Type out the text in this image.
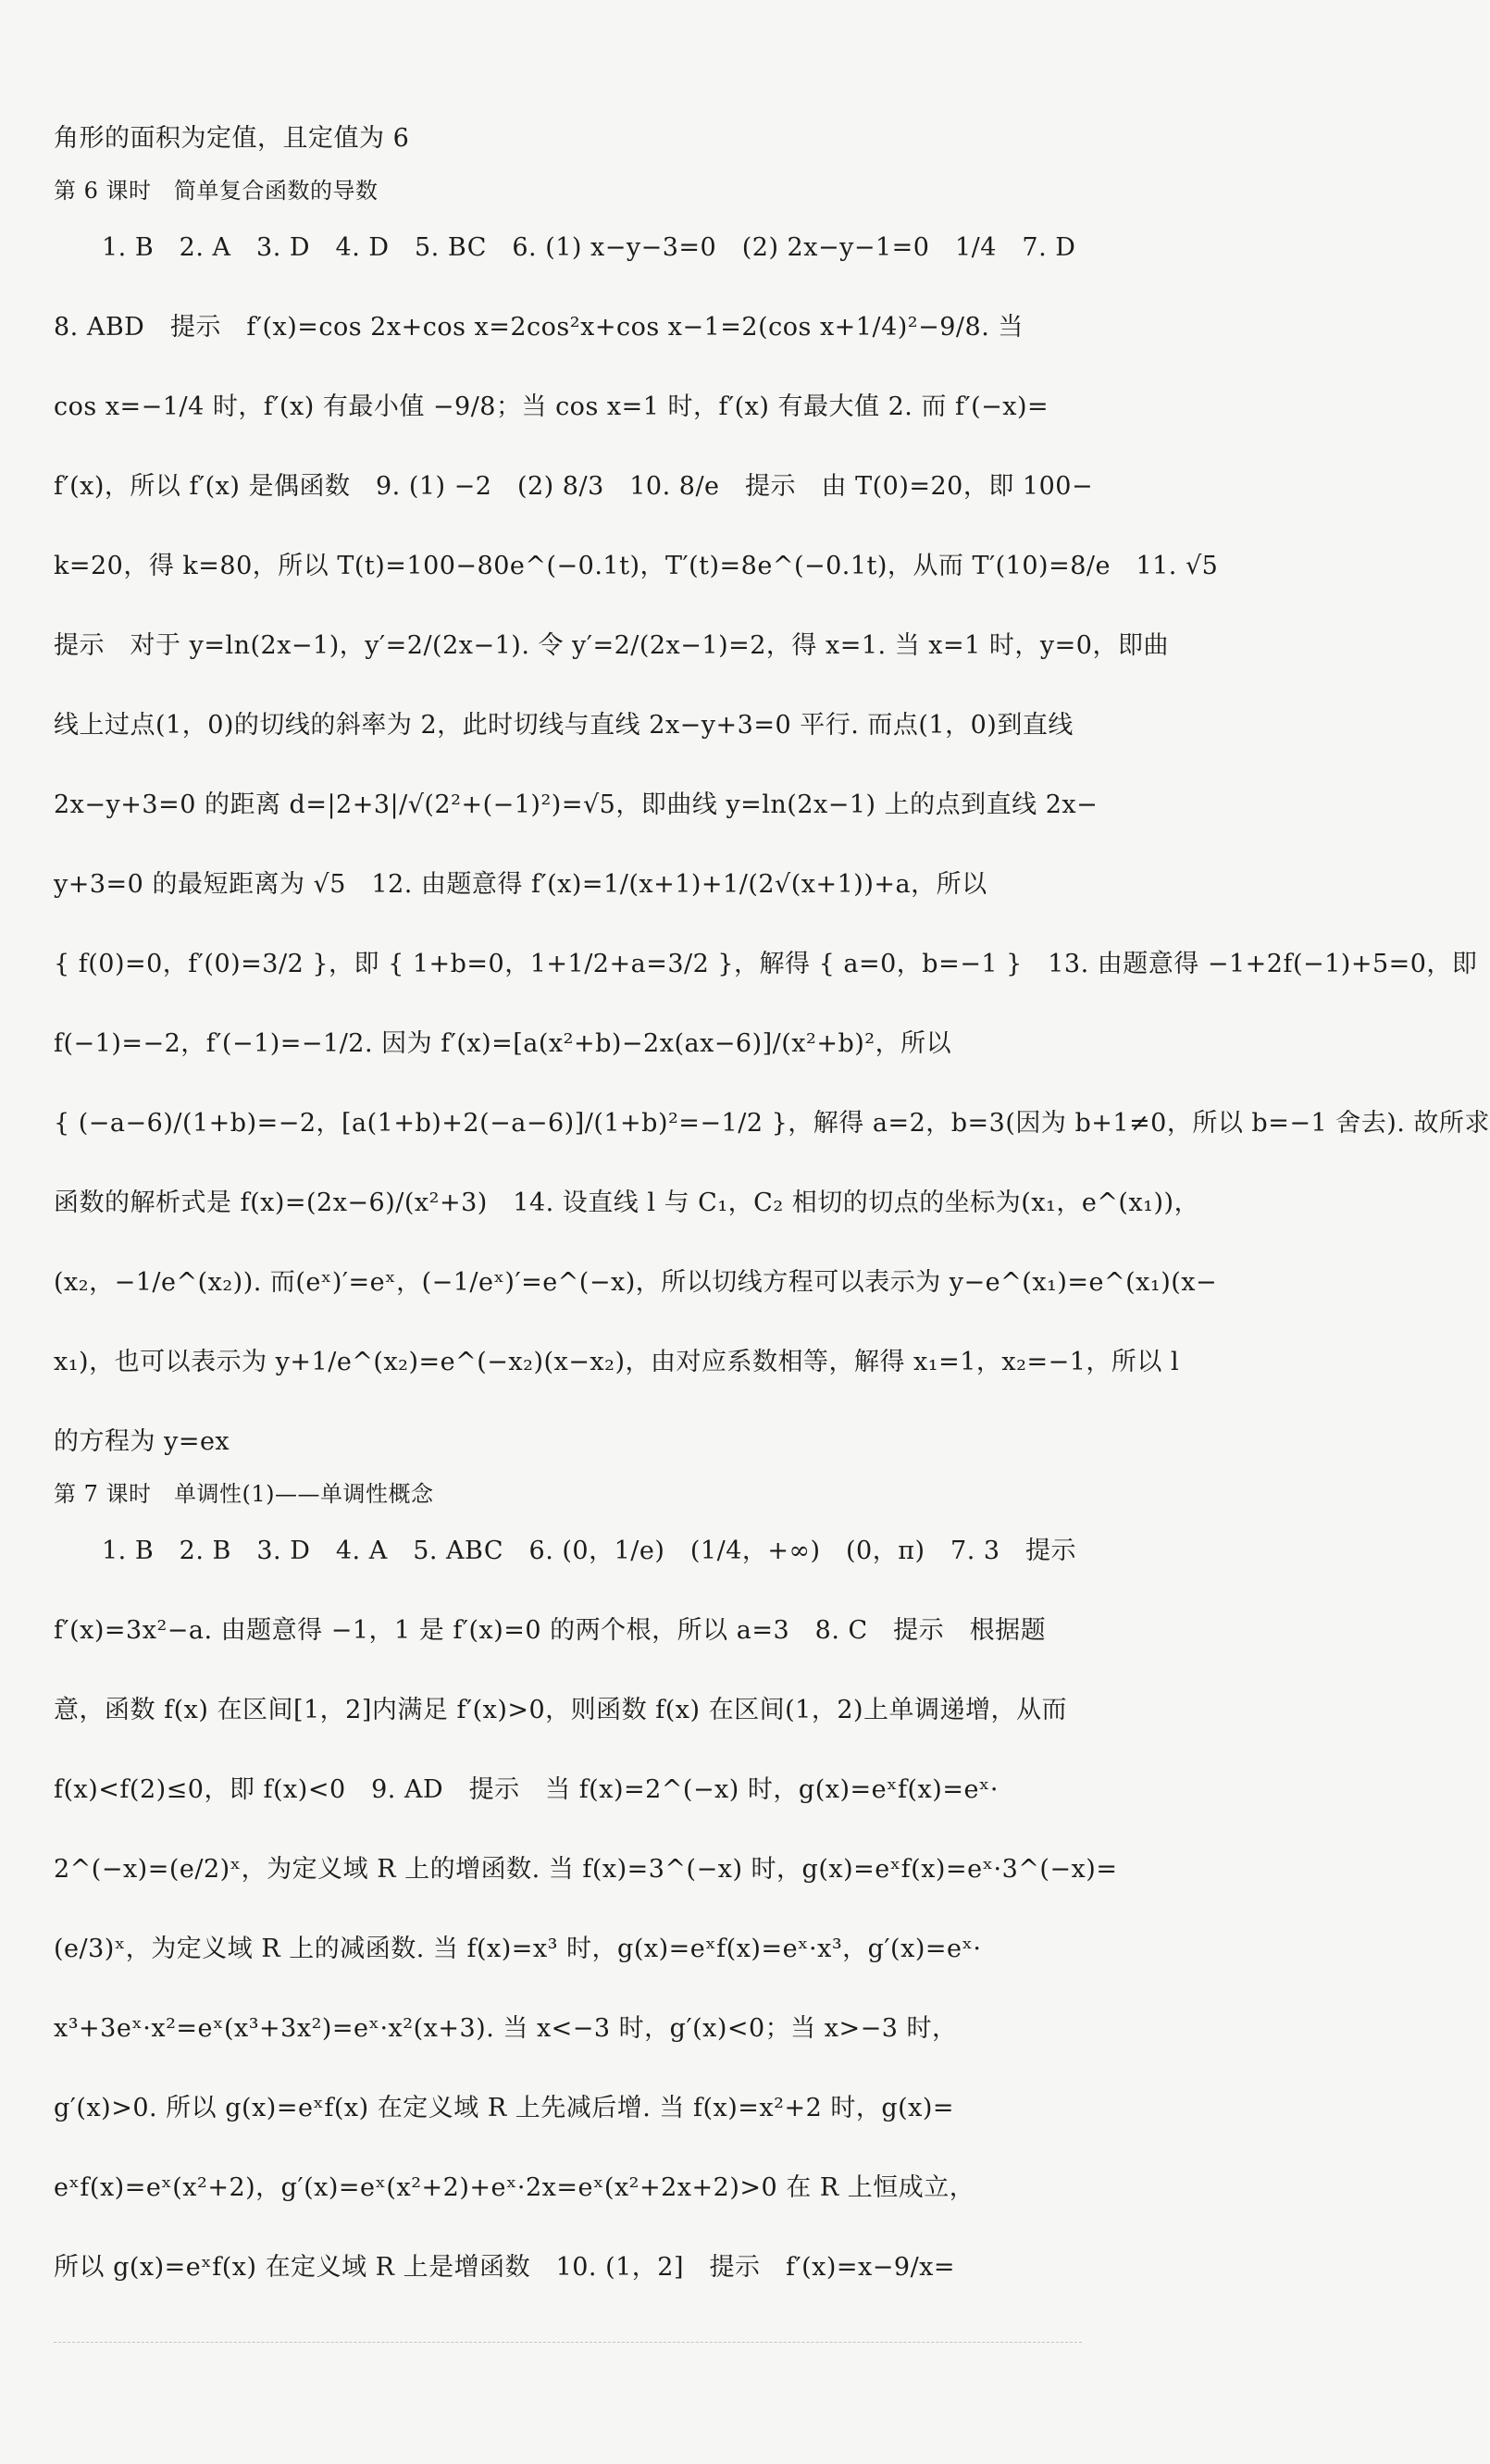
角形的面积为定值，且定值为 6
第 6 课时　简单复合函数的导数
1. B　2. A　3. D　4. D　5. BC　6. (1) x−y−3=0　(2) 2x−y−1=0　1/4　7. D
8. ABD　提示　f′(x)=cos 2x+cos x=2cos²x+cos x−1=2(cos x+1/4)²−9/8. 当
cos x=−1/4 时，f′(x) 有最小值 −9/8；当 cos x=1 时，f′(x) 有最大值 2. 而 f′(−x)=
f′(x)，所以 f′(x) 是偶函数　9. (1) −2　(2) 8/3　10. 8/e　提示　由 T(0)=20，即 100−
k=20，得 k=80，所以 T(t)=100−80e^(−0.1t)，T′(t)=8e^(−0.1t)，从而 T′(10)=8/e　11. √5
提示　对于 y=ln(2x−1)，y′=2/(2x−1). 令 y′=2/(2x−1)=2，得 x=1. 当 x=1 时，y=0，即曲
线上过点(1，0)的切线的斜率为 2，此时切线与直线 2x−y+3=0 平行. 而点(1，0)到直线
2x−y+3=0 的距离 d=|2+3|/√(2²+(−1)²)=√5，即曲线 y=ln(2x−1) 上的点到直线 2x−
y+3=0 的最短距离为 √5　12. 由题意得 f′(x)=1/(x+1)+1/(2√(x+1))+a，所以
{ f(0)=0，f′(0)=3/2 }，即 { 1+b=0，1+1/2+a=3/2 }，解得 { a=0，b=−1 }　13. 由题意得 −1+2f(−1)+5=0，即
f(−1)=−2，f′(−1)=−1/2. 因为 f′(x)=[a(x²+b)−2x(ax−6)]/(x²+b)²，所以
{ (−a−6)/(1+b)=−2，[a(1+b)+2(−a−6)]/(1+b)²=−1/2 }，解得 a=2，b=3(因为 b+1≠0，所以 b=−1 舍去). 故所求
函数的解析式是 f(x)=(2x−6)/(x²+3)　14. 设直线 l 与 C₁，C₂ 相切的切点的坐标为(x₁，e^(x₁))，
(x₂，−1/e^(x₂)). 而(eˣ)′=eˣ，(−1/eˣ)′=e^(−x)，所以切线方程可以表示为 y−e^(x₁)=e^(x₁)(x−
x₁)，也可以表示为 y+1/e^(x₂)=e^(−x₂)(x−x₂)，由对应系数相等，解得 x₁=1，x₂=−1，所以 l
的方程为 y=ex
第 7 课时　单调性(1)——单调性概念
1. B　2. B　3. D　4. A　5. ABC　6. (0，1/e)　(1/4，+∞)　(0，π)　7. 3　提示
f′(x)=3x²−a. 由题意得 −1，1 是 f′(x)=0 的两个根，所以 a=3　8. C　提示　根据题
意，函数 f(x) 在区间[1，2]内满足 f′(x)>0，则函数 f(x) 在区间(1，2)上单调递增，从而
f(x)<f(2)≤0，即 f(x)<0　9. AD　提示　当 f(x)=2^(−x) 时，g(x)=eˣf(x)=eˣ·
2^(−x)=(e/2)ˣ，为定义域 R 上的增函数. 当 f(x)=3^(−x) 时，g(x)=eˣf(x)=eˣ·3^(−x)=
(e/3)ˣ，为定义域 R 上的减函数. 当 f(x)=x³ 时，g(x)=eˣf(x)=eˣ·x³，g′(x)=eˣ·
x³+3eˣ·x²=eˣ(x³+3x²)=eˣ·x²(x+3). 当 x<−3 时，g′(x)<0；当 x>−3 时，
g′(x)>0. 所以 g(x)=eˣf(x) 在定义域 R 上先减后增. 当 f(x)=x²+2 时，g(x)=
eˣf(x)=eˣ(x²+2)，g′(x)=eˣ(x²+2)+eˣ·2x=eˣ(x²+2x+2)>0 在 R 上恒成立，
所以 g(x)=eˣf(x) 在定义域 R 上是增函数　10. (1，2]　提示　f′(x)=x−9/x=
